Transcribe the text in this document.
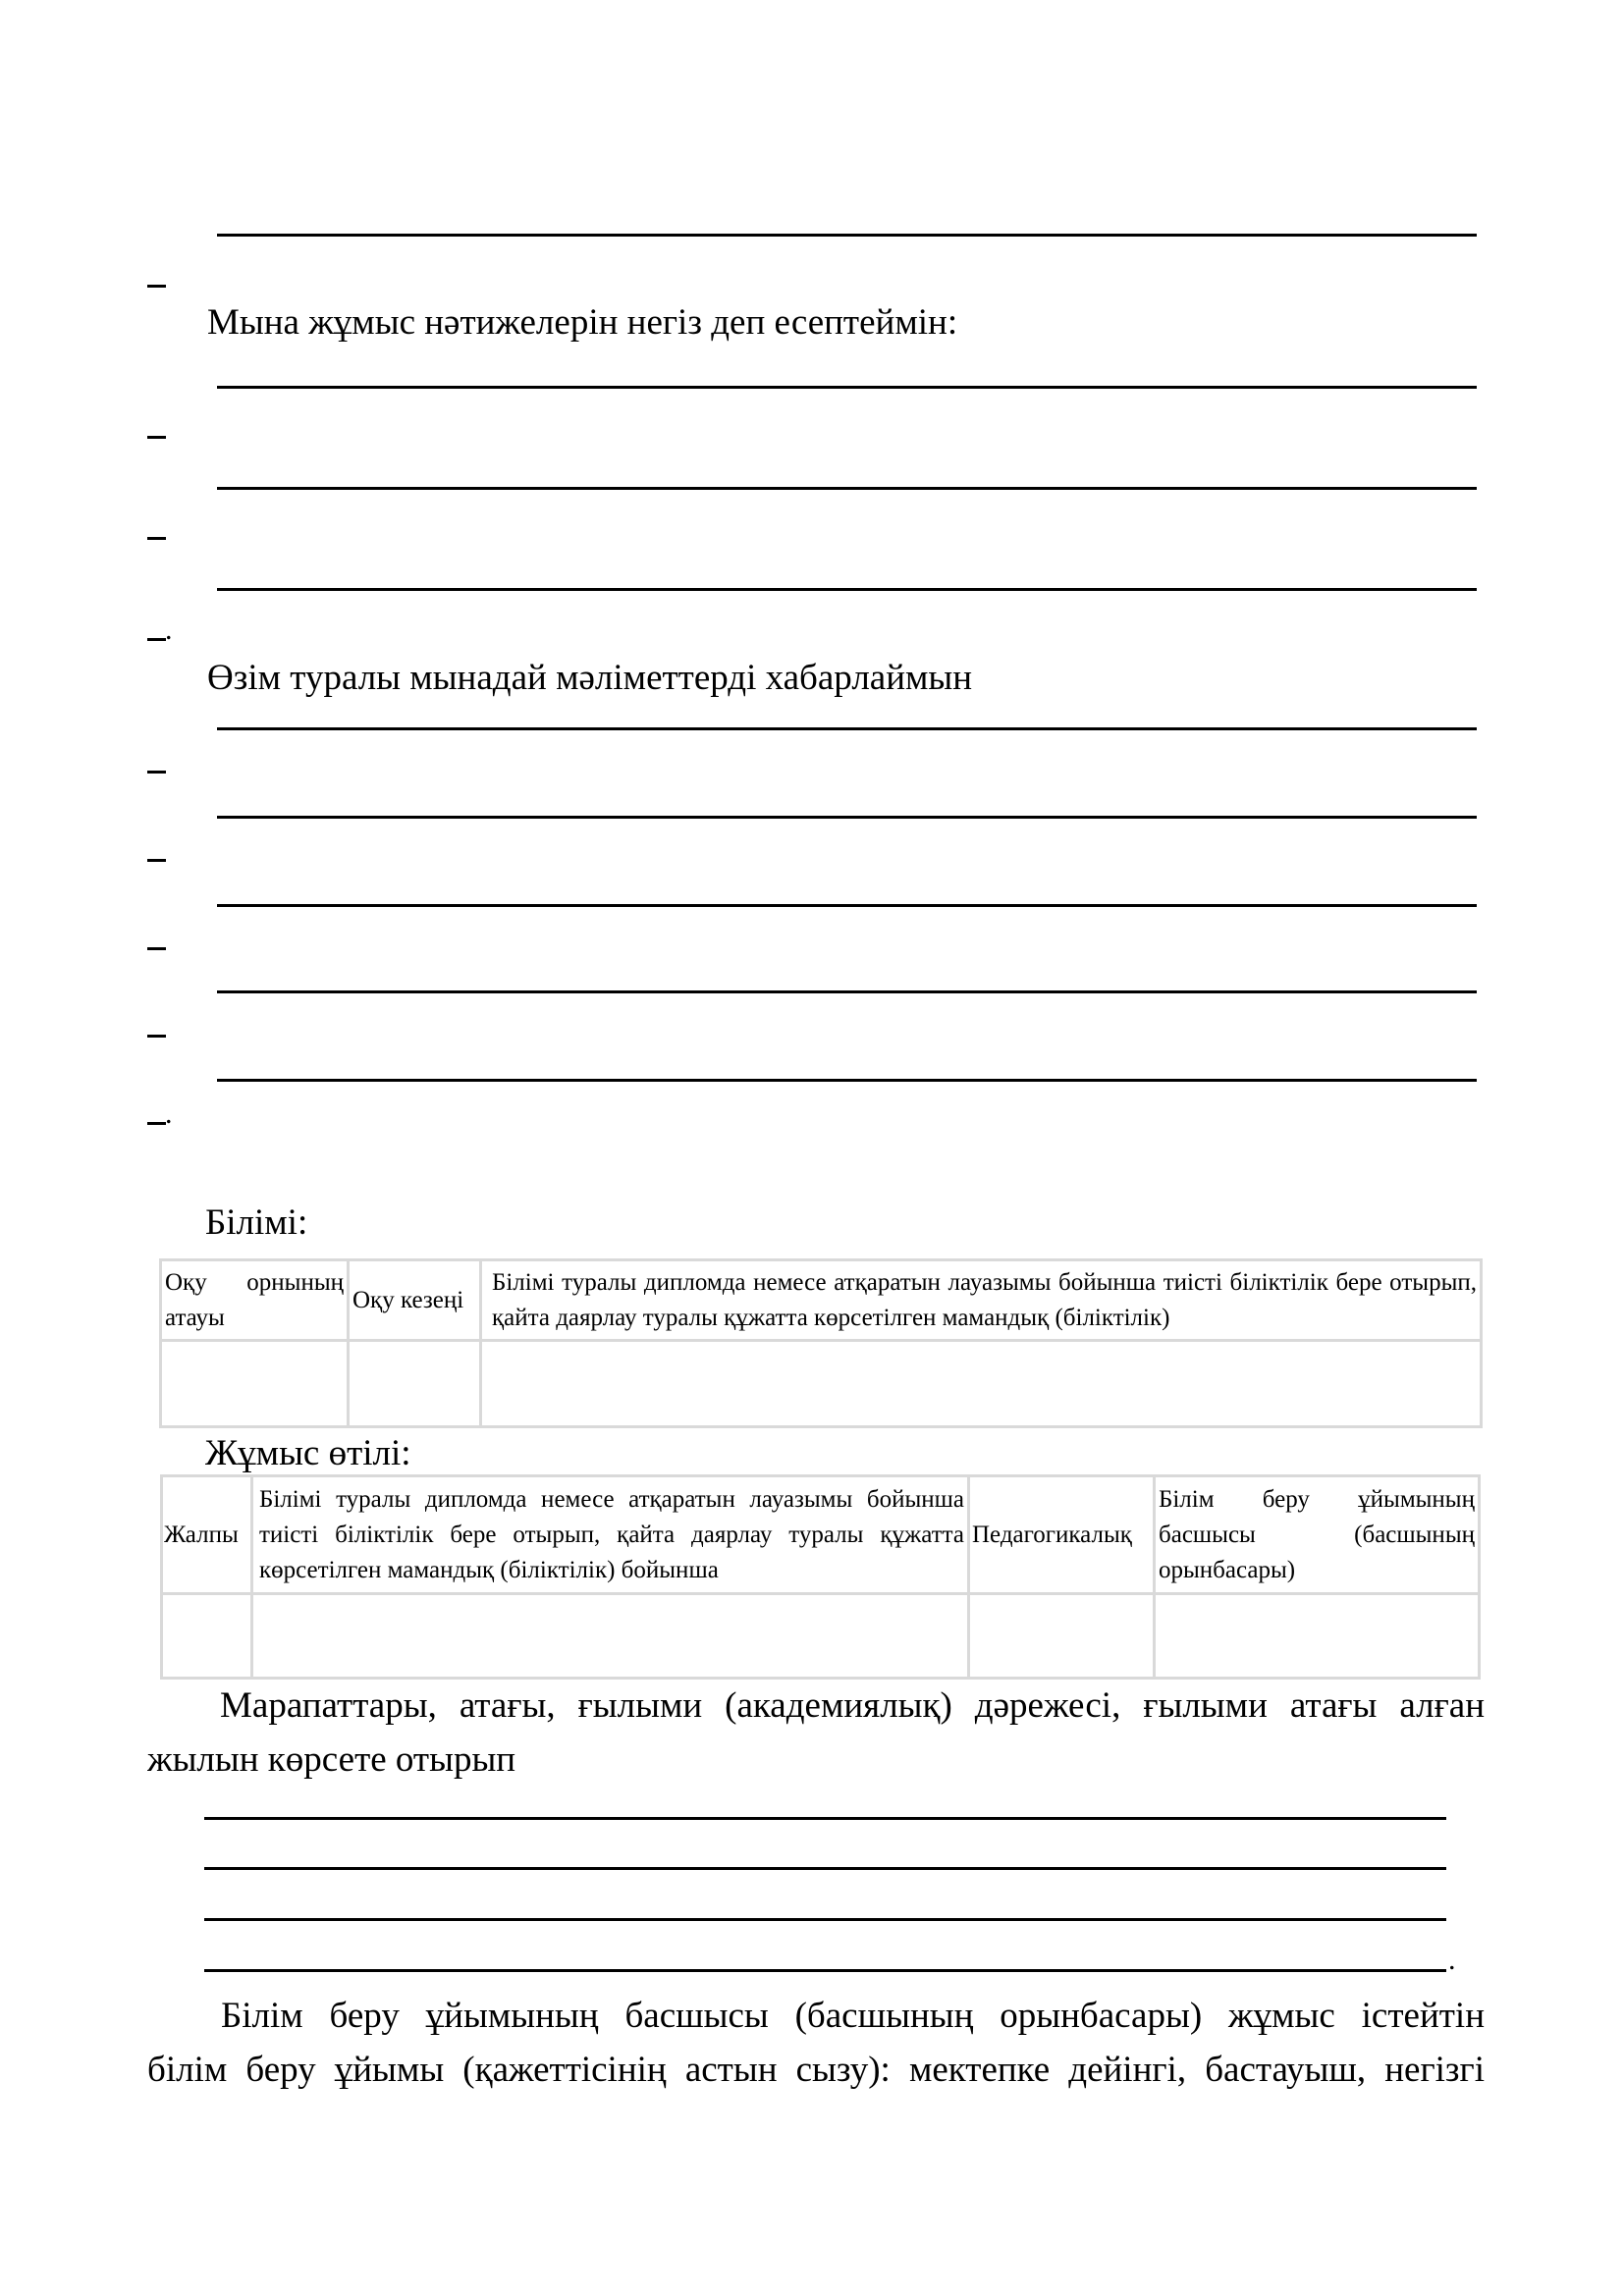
Мына жұмыс нәтижелерін негіз деп есептеймін:
.
Өзім туралы мынадай мәліметтерді хабарлаймын
.
Білімі:
Оқу орнының атауы	Оқу кезеңі	Білімі туралы дипломда немесе атқаратын лауазымы бойынша тиісті біліктілік бере отырып, қайта даярлау туралы құжатта көрсетілген мамандық (біліктілік)

Жұмыс өтілі:
Жалпы	Білімі туралы дипломда немесе атқаратын лауазымы бойынша тиісті біліктілік бере отырып, қайта даярлау туралы құжатта көрсетілген мамандық (біліктілік) бойынша	Педагогикалық	Білім беру ұйымының басшысы (басшының орынбасары)

Марапаттары, атағы, ғылыми (академиялық) дәрежесі, ғылыми атағы алған
жылын көрсете отырып
.
Білім беру ұйымының басшысы (басшының орынбасары) жұмыс істейтін
білім беру ұйымы (қажеттісінің астын сызу): мектепке дейінгі, бастауыш, негізгі
